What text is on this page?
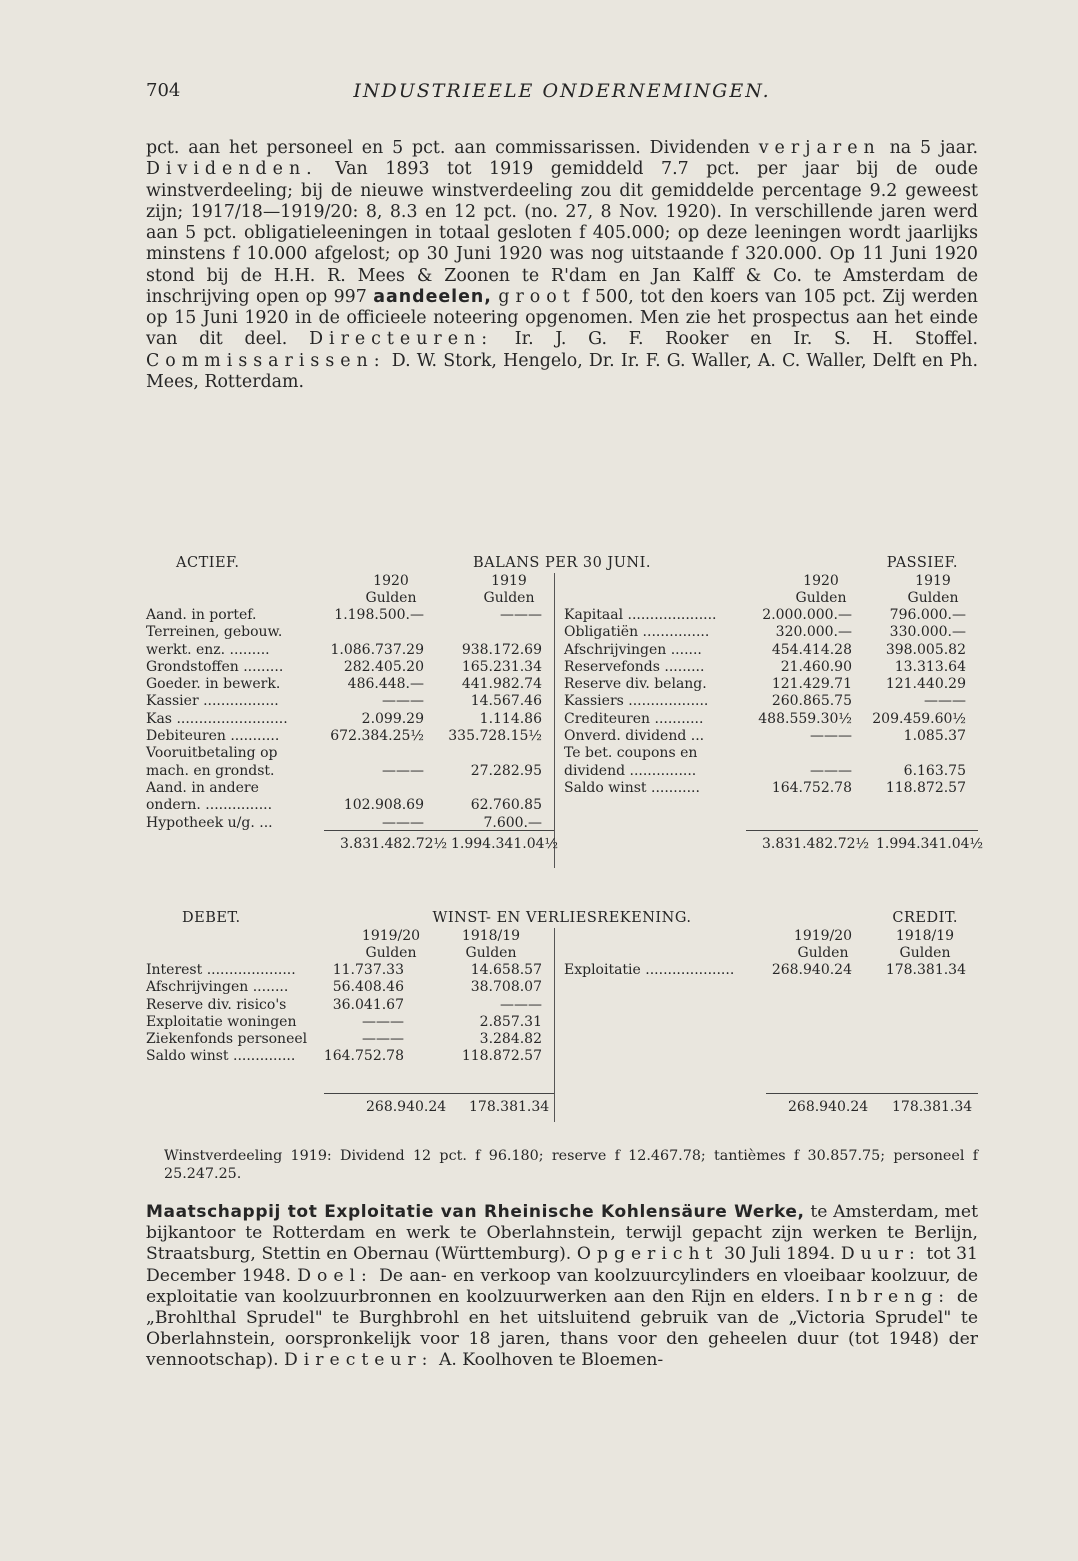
704	INDUSTRIEELE ONDERNEMINGEN.

pct. aan het personeel en 5 pct. aan commissarissen. Dividenden verjaren na 5 jaar. Dividenden. Van 1893 tot 1919 gemiddeld 7.7 pct. per jaar bij de oude winstverdeeling; bij de nieuwe winstverdeeling zou dit gemiddelde percentage 9.2 geweest zijn; 1917/18—1919/20: 8, 8.3 en 12 pct. (no. 27, 8 Nov. 1920). In verschillende jaren werd aan 5 pct. obligatieleeningen in totaal gesloten f 405.000; op deze leeningen wordt jaarlijks minstens f 10.000 afgelost; op 30 Juni 1920 was nog uitstaande f 320.000. Op 11 Juni 1920 stond bij de H.H. R. Mees & Zoonen te R'dam en Jan Kalff & Co. te Amsterdam de inschrijving open op 997 aandeelen, groot f 500, tot den koers van 105 pct. Zij werden op 15 Juni 1920 in de officieele noteering opgenomen. Men zie het prospectus aan het einde van dit deel. Directeuren: Ir. J. G. F. Rooker en Ir. S. H. Stoffel. Commissarissen: D. W. Stork, Hengelo, Dr. Ir. F. G. Waller, A. C. Waller, Delft en Ph. Mees, Rotterdam.

ACTIEF.	BALANS PER 30 JUNI.	PASSIEF.
1920
Gulden
1919
Gulden
1920
Gulden
1919
Gulden
Aand. in portef.	1.198.500.—	———
Terreinen, gebouw.
werkt. enz. .........	1.086.737.29	938.172.69
Grondstoffen .........	282.405.20	165.231.34
Goeder. in bewerk.	486.448.—	441.982.74
Kassier .................	———	14.567.46
Kas .........................	2.099.29	1.114.86
Debiteuren ...........	672.384.25½ 335.728.15½
Vooruitbetaling op
mach. en grondst.	———	27.282.95
Aand. in andere
ondern. ...............	102.908.69	62.760.85
Hypotheek u/g. ...	———	7.600.—
Kapitaal ....................	2.000.000.—	796.000.—
Obligatiën ...............	320.000.—	330.000.—
Afschrijvingen .......	454.414.28 398.005.82
Reservefonds .........	21.460.90	13.313.64
Reserve div. belang.	121.429.71 121.440.29
Kassiers ..................	260.865.75	———
Crediteuren ...........	488.559.30½ 209.459.60½
Onverd. dividend ...	———	1.085.37
Te bet. coupons en
dividend ...............	———	6.163.75
Saldo winst ...........	164.752.78 118.872.57
3.831.482.72½ 1.994.341.04½	3.831.482.72½ 1.994.341.04½
DEBET.	WINST- EN VERLIESREKENING.	CREDIT.
1919/20
Gulden
1918/19
Gulden
1919/20
Gulden
1918/19
Gulden
Interest ....................	11.737.33	14.658.57
Afschrijvingen ........	56.408.46	38.708.07
Reserve div. risico's	36.041.67	———
Exploitatie woningen	———	2.857.31
Ziekenfonds personeel	———	3.284.82
Saldo winst .............. 164.752.78	118.872.57
Exploitatie ....................	268.940.24 178.381.34
268.940.24 178.381.34	268.940.24 178.381.34

Winstverdeeling 1919: Dividend 12 pct. f 96.180; reserve f 12.467.78; tantièmes f 30.857.75; personeel f 25.247.25.

Maatschappij tot Exploitatie van Rheinische Kohlensäure Werke, te Amsterdam, met bijkantoor te Rotterdam en werk te Oberlahnstein, terwijl gepacht zijn werken te Berlijn, Straatsburg, Stettin en Obernau (Württemburg). Opgericht 30 Juli 1894. Duur: tot 31 December 1948. Doel: De aan- en verkoop van koolzuurcylinders en vloeibaar koolzuur, de exploitatie van koolzuurbronnen en koolzuurwerken aan den Rijn en elders. Inbreng: de „Brohlthal Sprudel" te Burghbrohl en het uitsluitend gebruik van de „Victoria Sprudel" te Oberlahnstein, oorspronkelijk voor 18 jaren, thans voor den geheelen duur (tot 1948) der vennootschap). Directeur: A. Koolhoven te Bloemen-
